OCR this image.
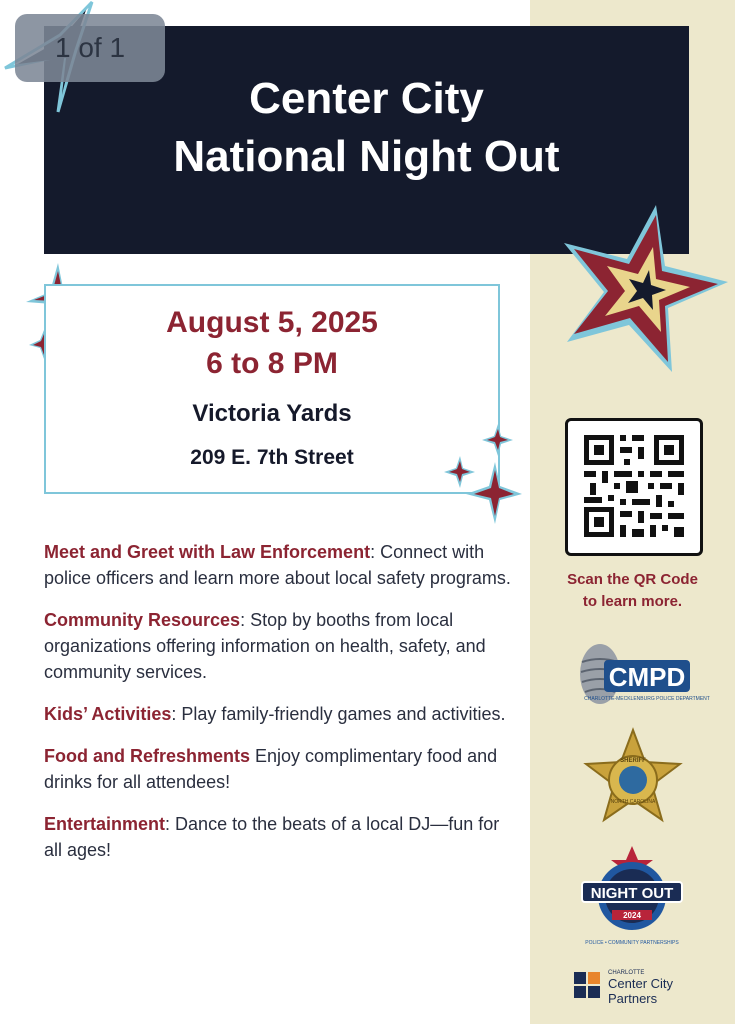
Center City
National Night Out
1 of 1
August 5, 2025
6 to 8 PM
Victoria Yards
209 E. 7th Street

Meet and Greet with Law Enforcement: Connect with police officers and learn more about local safety programs.

Community Resources: Stop by booths from local organizations offering information on health, safety, and community services.

Kids’ Activities: Play family-friendly games and activities.

Food and Refreshments Enjoy complimentary food and drinks for all attendees!

Entertainment: Dance to the beats of a local DJ—fun for all ages!

Scan the QR Code
to learn more.
CMPD
CHARLOTTE-MECKLENBURG POLICE DEPARTMENT
SHERIFF
NORTH CAROLINA
NIGHT OUT
2024
POLICE • COMMUNITY PARTNERSHIPS
CHARLOTTE
Center City
Partners
